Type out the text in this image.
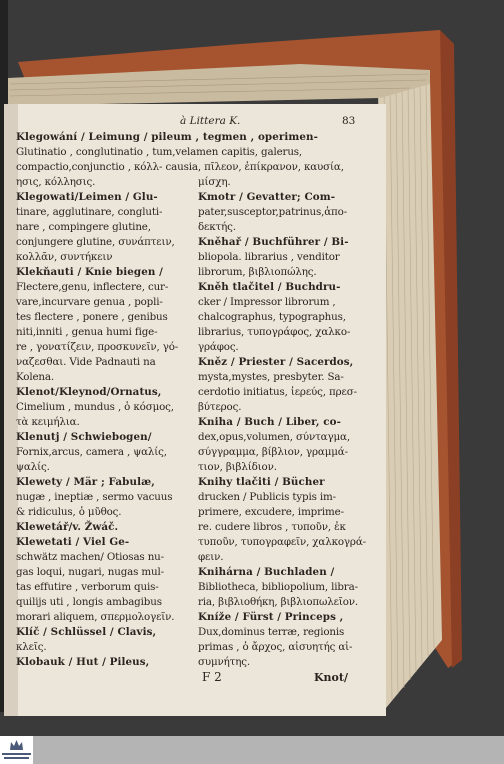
à Littera K.	83
Klegowání / Leimung / pileum , tegmen , operimen-
Glutinatio , conglutinatio , tum,velamen capitis, galerus,
compactio,conjunctio , κόλλ- causia, πῖλεον, ἐπίκρανον, καυσία,
ησις, κόλλησις.
Klegowati/Leimen / Glu-
tinare, agglutinare, congluti-
nare , compingere glutine,
conjungere glutine, συνάπτειν,
κολλᾶν, συντήκειν
Klekňauti / Knie biegen /
Flectere,genu, inflectere, cur-
vare,incurvare genua , popli-
tes flectere , ponere , genibus
niti,inniti , genua humi fige-
re , γονατίζειν, προσκυνεῖν, γό-
ναζεσθαι. Vide Padnauti na
Kolena.
Klenot/Kleynod/Ornatus,
Cimelium , mundus , ὁ κόσμος,
τὰ κειμήλια.
Klenutj / Schwiebogen/
Fornix,arcus, camera , ψαλίς,
ψαλίς.
Klewety / Mär ; Fabulæ,
nugæ , ineptiæ , sermo vacuus
& ridiculus, ὁ μῦθος.
Klewetář/v. Žwáč.
Klewetati / Viel Ge-
schwätz machen/ Otiosas nu-
gas loqui, nugari, nugas mul-
tas effutire , verborum quis-
quilijs uti , longis ambagibus
morari aliquem, σπερμολογεῖν.
Klíč / Schlüssel / Clavis,
κλεῖς.
Klobauk / Hut / Pileus,
μίσχη.
Kmotr / Gevatter; Com-
pater,susceptor,patrinus,ἀπο-
δεκτής.
Kněhař / Buchführer / Bi-
bliopola. librarius , venditor
librorum, βιβλιοπώλης.
Kněh tlačitel / Buchdru-
cker / Impressor librorum ,
chalcographus, typographus,
librarius, τυπογράφος, χαλκο-
γράφος.
Kněz / Priester / Sacerdos,
mysta,mystes, presbyter. Sa-
cerdotio initiatus, ἱερεύς, πρεσ-
βύτερος.
Kniha / Buch / Liber, co-
dex,opus,volumen, σύνταγμα,
σύγγραμμα, βίβλιον, γραμμά-
τιον, βιβλίδιον.
Knihy tlačiti / Bücher
drucken / Publicis typis im-
primere, excudere, imprime-
re. cudere libros , τυποῦν, ἐκ
τυποῦν, τυπογραφεῖν, χαλκογρά-
φειν.
Knihárna / Buchladen /
Bibliotheca, bibliopolium, libra-
ria, βιβλιοθήκη, βιβλιοπωλεῖον.
Kníže / Fürst / Princeps ,
Dux,dominus terræ, regionis
primas , ὁ ἄρχος, αἰσυητής αἰ-
συμνήτης.
F 2	Knot/
